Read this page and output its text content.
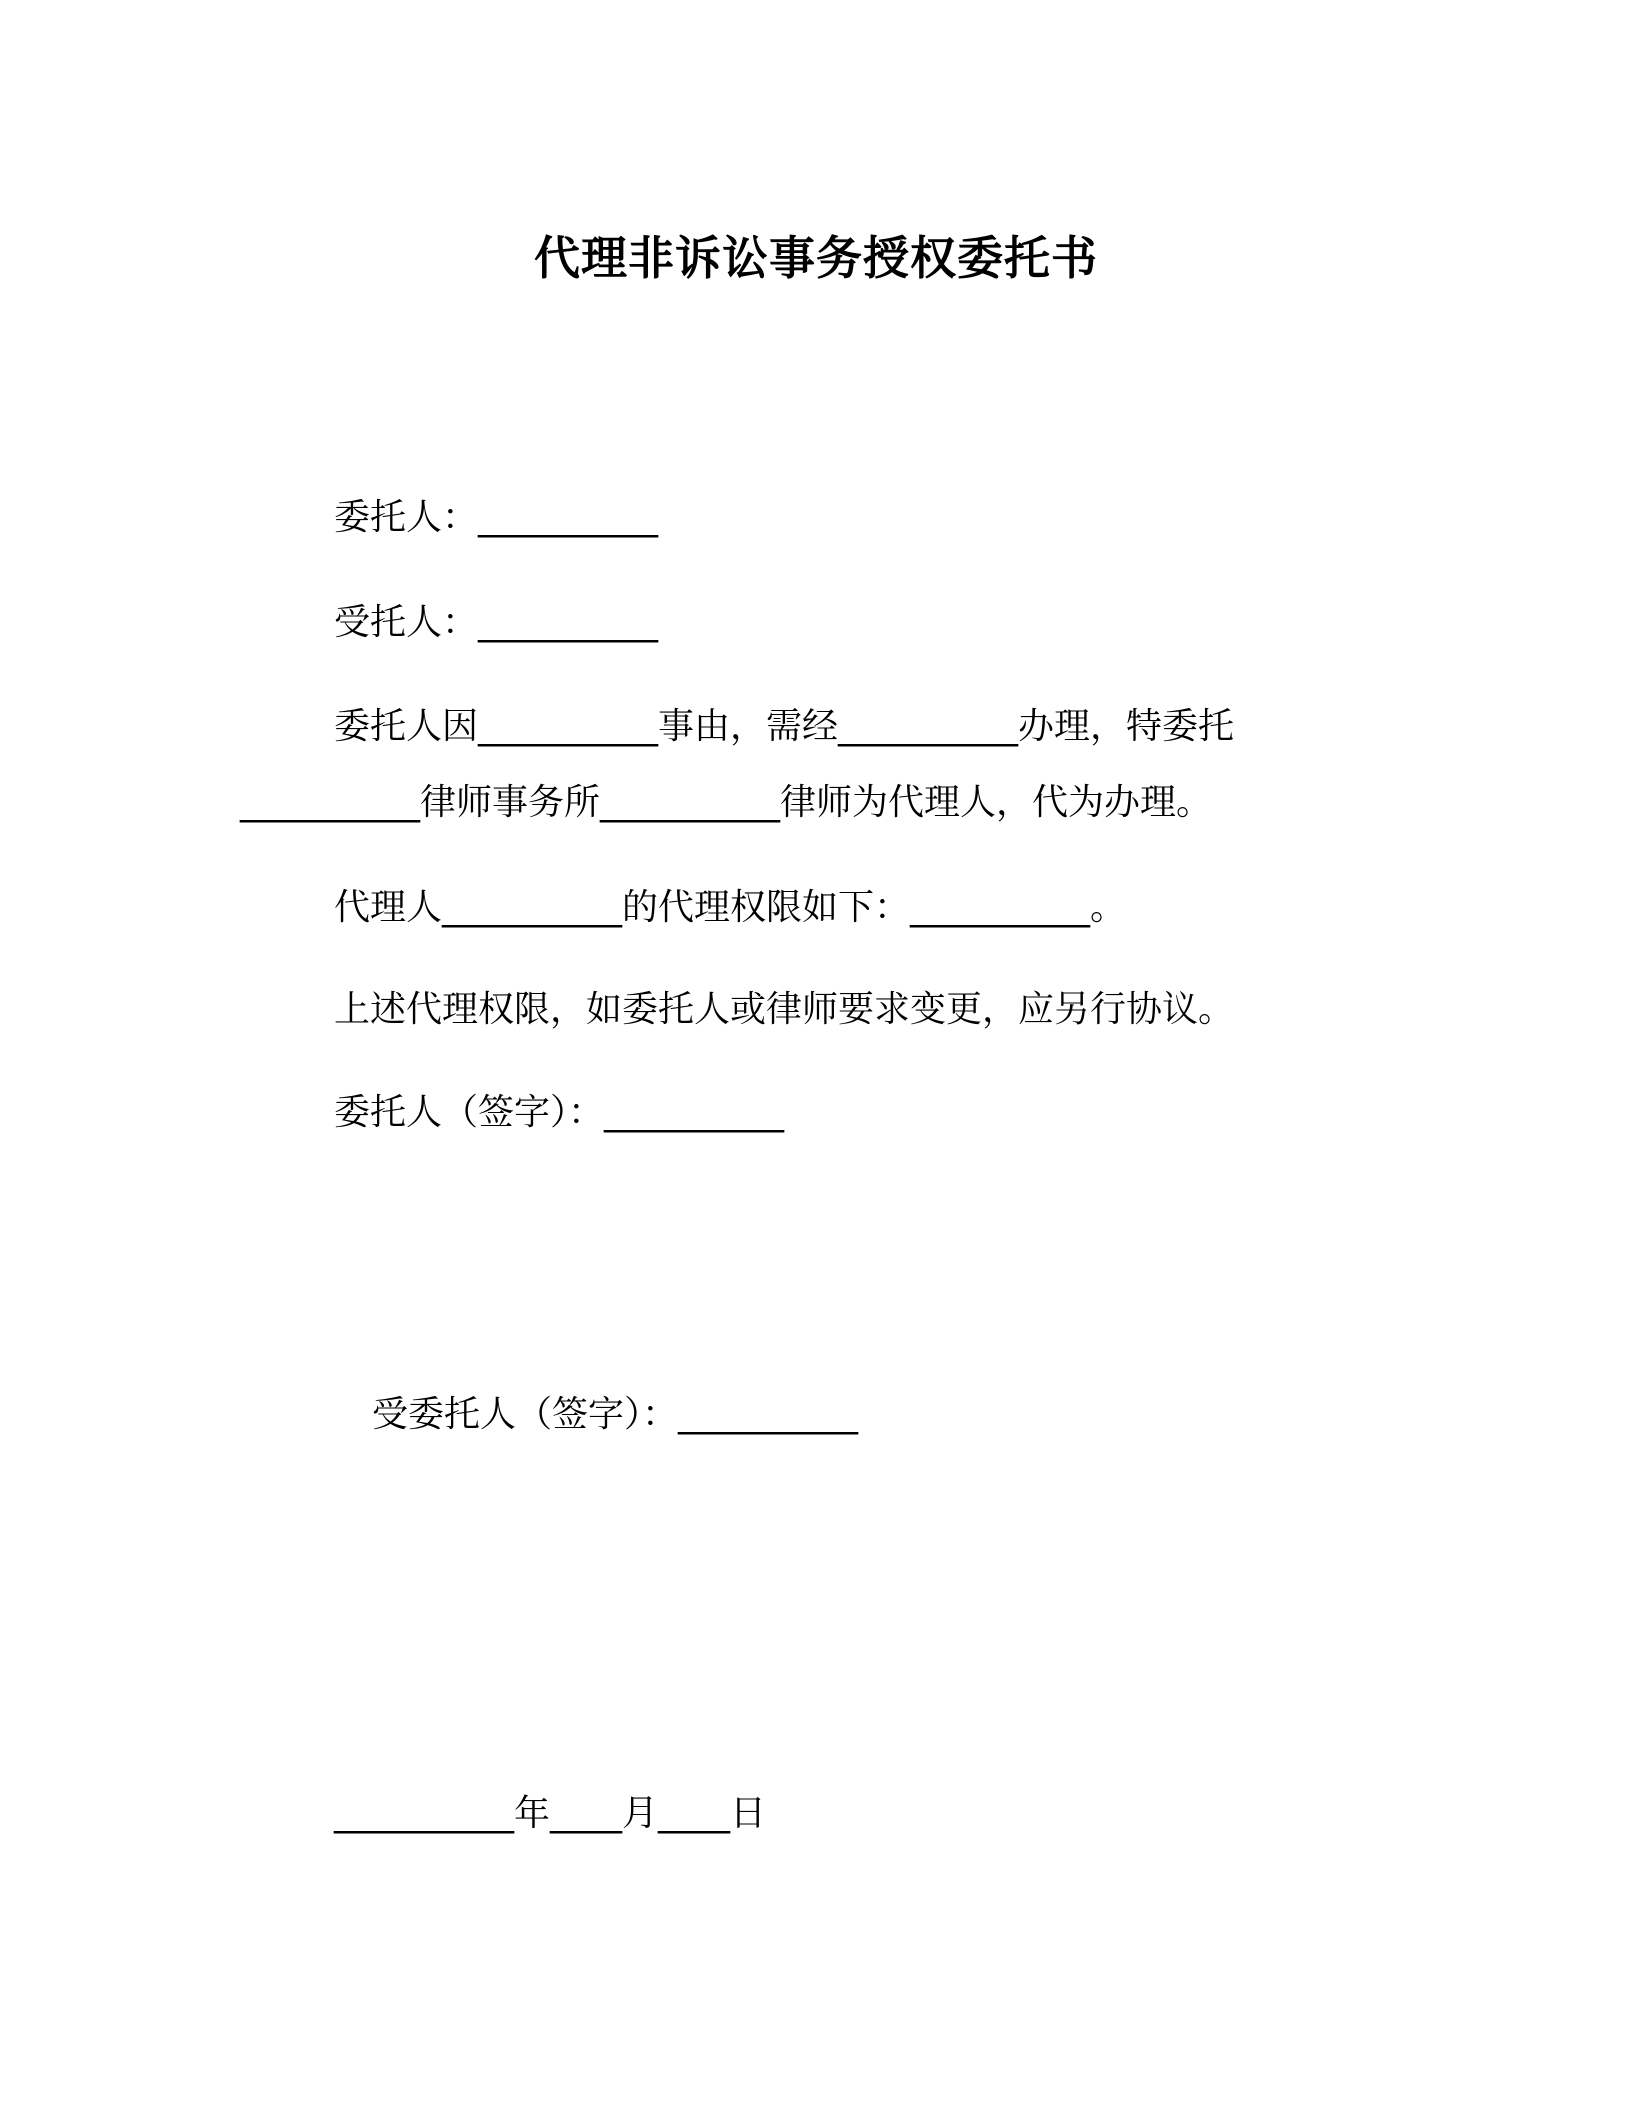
代理非诉讼事务授权委托书
委托人：__________
受托人：__________
委托人因__________事由，需经__________办理，特委托
__________律师事务所__________律师为代理人，代为办理。
代理人__________的代理权限如下：__________。
上述代理权限，如委托人或律师要求变更，应另行协议。
委托人（签字）：__________
受委托人（签字）：__________
__________年____月____日
